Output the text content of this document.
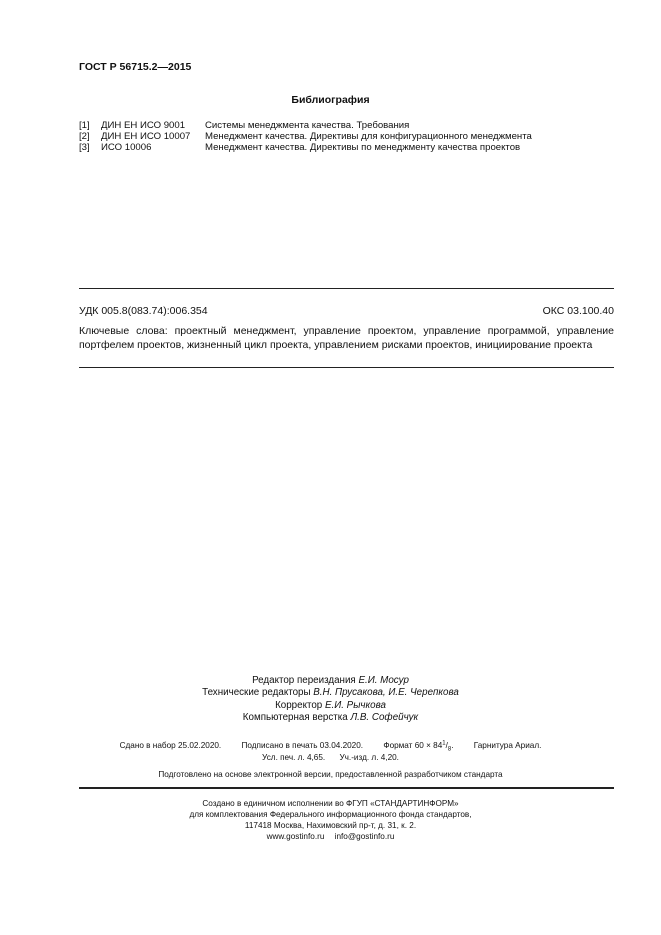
ГОСТ Р 56715.2—2015
Библиография
[1] ДИН ЕН ИСО 9001 Системы менеджмента качества. Требования
[2] ДИН ЕН ИСО 10007 Менеджмент качества. Директивы для конфигурационного менеджмента
[3] ИСО 10006	Менеджмент качества. Директивы по менеджменту качества проектов
УДК 005.8(083.74):006.354	ОКС 03.100.40
Ключевые слова: проектный менеджмент, управление проектом, управление программой, управление портфелем проектов, жизненный цикл проекта, управлением рисками проектов, инициирование проекта
Редактор переиздания Е.И. Мосур
Технические редакторы В.Н. Прусакова, И.Е. Черепкова
Корректор Е.И. Рычкова
Компьютерная верстка Л.В. Софейчук
Сдано в набор 25.02.2020. Подписано в печать 03.04.2020. Формат $60 \times 84^1/_8$. Гарнитура Ариал.
Усл. печ. л. 4,65. Уч.-изд. л. 4,20.
Подготовлено на основе электронной версии, предоставленной разработчиком стандарта
Создано в единичном исполнении во ФГУП «СТАНДАРТИНФОРМ»
для комплектования Федерального информационного фонда стандартов,
117418 Москва, Нахимовский пр-т, д. 31, к. 2.
www.gostinfo.ru info@gostinfo.ru
